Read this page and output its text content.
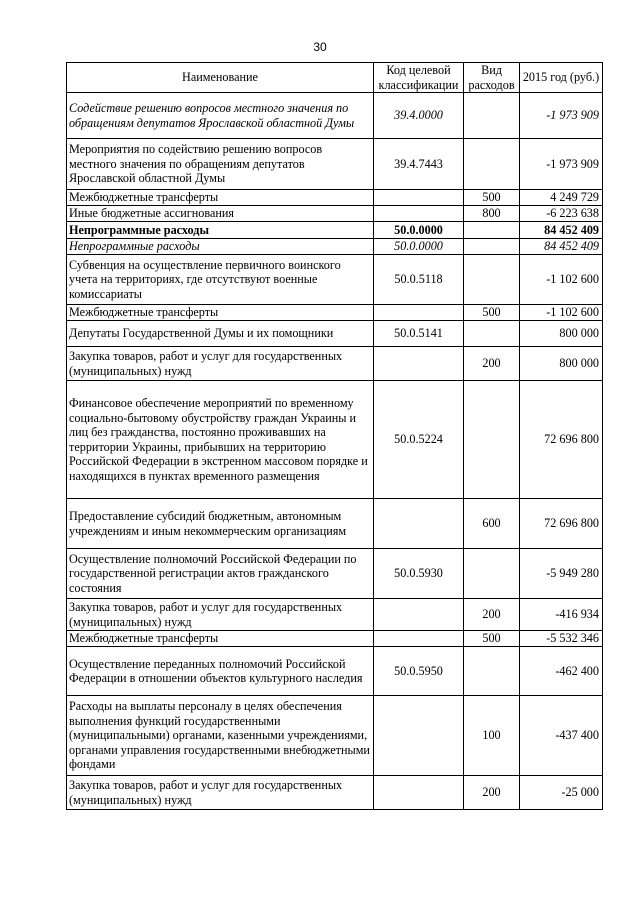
30
Наименование	Код целевой классификации	Вид расходов	2015 год (руб.)
Содействие решению вопросов местного значения по обращениям депутатов Ярославской областной Думы	39.4.0000		-1 973 909
Мероприятия по содействию решению вопросов местного значения по обращениям депутатов Ярославской областной Думы	39.4.7443		-1 973 909
Межбюджетные трансферты		500	4 249 729
Иные бюджетные ассигнования		800	-6 223 638
Непрограммные расходы	50.0.0000		84 452 409
Непрограммные расходы	50.0.0000		84 452 409
Субвенция на осуществление первичного воинского учета на территориях, где отсутствуют военные комиссариаты	50.0.5118		-1 102 600
Межбюджетные трансферты		500	-1 102 600
Депутаты Государственной Думы и их помощники	50.0.5141		800 000
Закупка товаров, работ и услуг для государственных (муниципальных) нужд		200	800 000
Финансовое обеспечение мероприятий по временному социально-бытовому обустройству граждан Украины и лиц без гражданства, постоянно проживавших на территории Украины, прибывших на территорию Российской Федерации в экстренном массовом порядке и находящихся в пунктах временного размещения	50.0.5224		72 696 800
Предоставление субсидий бюджетным, автономным учреждениям и иным некоммерческим организациям		600	72 696 800
Осуществление полномочий Российской Федерации по государственной регистрации актов гражданского состояния	50.0.5930		-5 949 280
Закупка товаров, работ и услуг для государственных (муниципальных) нужд		200	-416 934
Межбюджетные трансферты		500	-5 532 346
Осуществление переданных полномочий Российской Федерации в отношении объектов культурного наследия	50.0.5950		-462 400
Расходы на выплаты персоналу в целях обеспечения выполнения функций государственными (муниципальными) органами, казенными учреждениями, органами управления государственными внебюджетными фондами		100	-437 400
Закупка товаров, работ и услуг для государственных (муниципальных) нужд		200	-25 000
